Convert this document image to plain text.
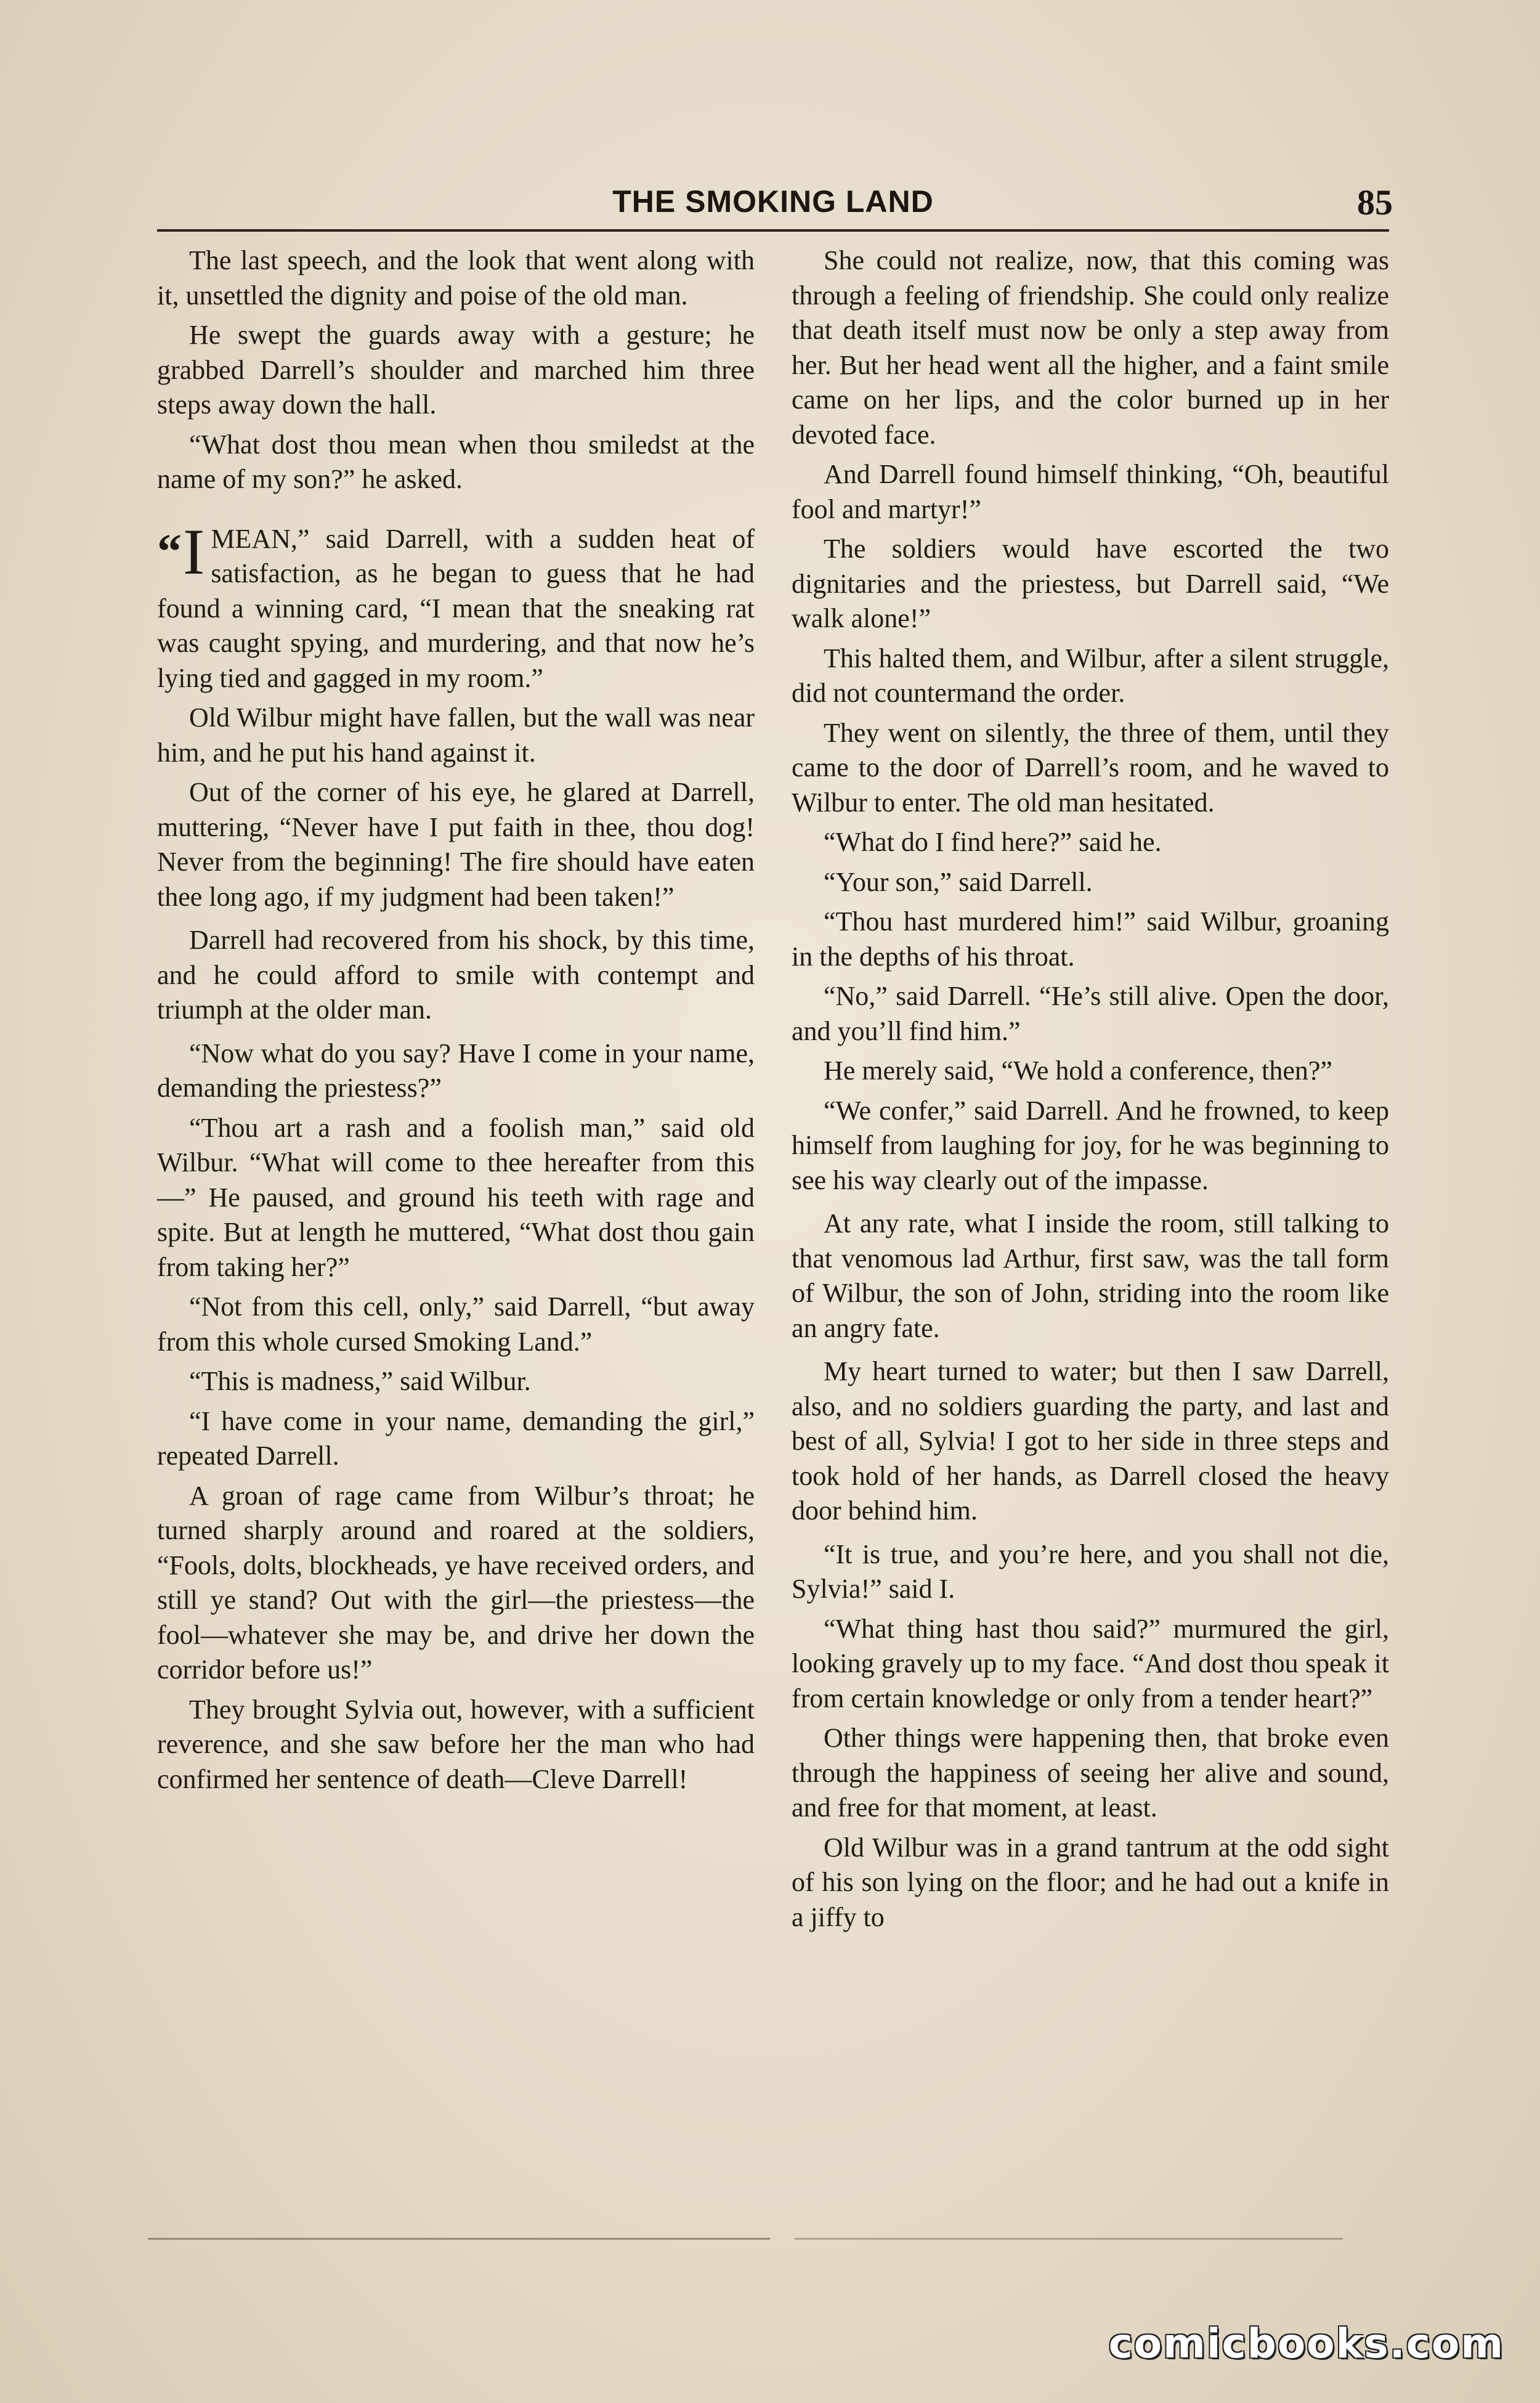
THE SMOKING LAND	85

The last speech, and the look that went along with it, unsettled the dignity and poise of the old man.

He swept the guards away with a gesture; he grabbed Darrell’s shoulder and marched him three steps away down the hall.

“What dost thou mean when thou smiledst at the name of my son?” he asked.

“I MEAN,” said Darrell, with a sudden heat of satisfaction, as he began to guess that he had found a winning card, “I mean that the sneaking rat was caught spying, and murdering, and that now he’s lying tied and gagged in my room.”

Old Wilbur might have fallen, but the wall was near him, and he put his hand against it.

Out of the corner of his eye, he glared at Darrell, muttering, “Never have I put faith in thee, thou dog! Never from the beginning! The fire should have eaten thee long ago, if my judgment had been taken!”

Darrell had recovered from his shock, by this time, and he could afford to smile with contempt and triumph at the older man.

“Now what do you say? Have I come in your name, demanding the priestess?”

“Thou art a rash and a foolish man,” said old Wilbur. “What will come to thee hereafter from this—” He paused, and ground his teeth with rage and spite. But at length he muttered, “What dost thou gain from taking her?”

“Not from this cell, only,” said Darrell, “but away from this whole cursed Smoking Land.”

“This is madness,” said Wilbur.

“I have come in your name, demanding the girl,” repeated Darrell.

A groan of rage came from Wilbur’s throat; he turned sharply around and roared at the soldiers, “Fools, dolts, blockheads, ye have received orders, and still ye stand? Out with the girl—the priestess—the fool—whatever she may be, and drive her down the corridor before us!”

They brought Sylvia out, however, with a sufficient reverence, and she saw before her the man who had confirmed her sentence of death—Cleve Darrell!

She could not realize, now, that this coming was through a feeling of friendship. She could only realize that death itself must now be only a step away from her. But her head went all the higher, and a faint smile came on her lips, and the color burned up in her devoted face.

And Darrell found himself thinking, “Oh, beautiful fool and martyr!”

The soldiers would have escorted the two dignitaries and the priestess, but Darrell said, “We walk alone!”

This halted them, and Wilbur, after a silent struggle, did not countermand the order.

They went on silently, the three of them, until they came to the door of Darrell’s room, and he waved to Wilbur to enter. The old man hesitated.

“What do I find here?” said he.

“Your son,” said Darrell.

“Thou hast murdered him!” said Wilbur, groaning in the depths of his throat.

“No,” said Darrell. “He’s still alive. Open the door, and you’ll find him.”

He merely said, “We hold a conference, then?”

“We confer,” said Darrell. And he frowned, to keep himself from laughing for joy, for he was beginning to see his way clearly out of the impasse.

At any rate, what I inside the room, still talking to that venomous lad Arthur, first saw, was the tall form of Wilbur, the son of John, striding into the room like an angry fate.

My heart turned to water; but then I saw Darrell, also, and no soldiers guarding the party, and last and best of all, Sylvia! I got to her side in three steps and took hold of her hands, as Darrell closed the heavy door behind him.

“It is true, and you’re here, and you shall not die, Sylvia!” said I.

“What thing hast thou said?” murmured the girl, looking gravely up to my face. “And dost thou speak it from certain knowledge or only from a tender heart?”

Other things were happening then, that broke even through the happiness of seeing her alive and sound, and free for that moment, at least.

Old Wilbur was in a grand tantrum at the odd sight of his son lying on the floor; and he had out a knife in a jiffy to

comicbooks.com
